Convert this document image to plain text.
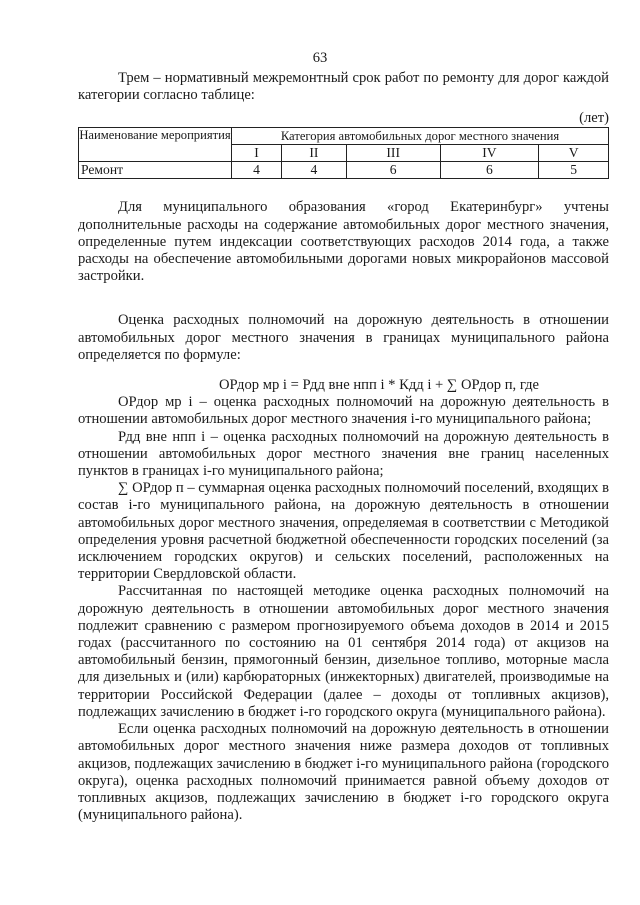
63

Трем – нормативный межремонтный срок работ по ремонту для дорог каждой категории согласно таблице:

(лет)
Наименование мероприятия	Категория автомобильных дорог местного значения				
	I	II	III	IV	V
Ремонт	4	4	6	6	5

Для муниципального образования «город Екатеринбург» учтены дополнительные расходы на содержание автомобильных дорог местного значения, определенные путем индексации соответствующих расходов 2014 года, а также расходы на обеспечение автомобильными дорогами новых микрорайонов массовой застройки.

Оценка расходных полномочий на дорожную деятельность в отношении автомобильных дорог местного значения в границах муниципального района определяется по формуле:

ОРдор мр i = Рдд вне нпп i * Кдд i + ∑ ОРдор п, где

ОРдор мр i – оценка расходных полномочий на дорожную деятельность в отношении автомобильных дорог местного значения i-го муниципального района;

Рдд вне нпп i – оценка расходных полномочий на дорожную деятельность в отношении автомобильных дорог местного значения вне границ населенных пунктов в границах i-го муниципального района;

∑ ОРдор п – суммарная оценка расходных полномочий поселений, входящих в состав i-го муниципального района, на дорожную деятельность в отношении автомобильных дорог местного значения, определяемая в соответствии с Методикой определения уровня расчетной бюджетной обеспеченности городских поселений (за исключением городских округов) и сельских поселений, расположенных на территории Свердловской области.

Рассчитанная по настоящей методике оценка расходных полномочий на дорожную деятельность в отношении автомобильных дорог местного значения подлежит сравнению с размером прогнозируемого объема доходов в 2014 и 2015 годах (рассчитанного по состоянию на 01 сентября 2014 года) от акцизов на автомобильный бензин, прямогонный бензин, дизельное топливо, моторные масла для дизельных и (или) карбюраторных (инжекторных) двигателей, производимые на территории Российской Федерации (далее – доходы от топливных акцизов), подлежащих зачислению в бюджет i-го городского округа (муниципального района).

Если оценка расходных полномочий на дорожную деятельность в отношении автомобильных дорог местного значения ниже размера доходов от топливных акцизов, подлежащих зачислению в бюджет i-го муниципального района (городского округа), оценка расходных полномочий принимается равной объему доходов от топливных акцизов, подлежащих зачислению в бюджет i-го городского округа (муниципального района).
